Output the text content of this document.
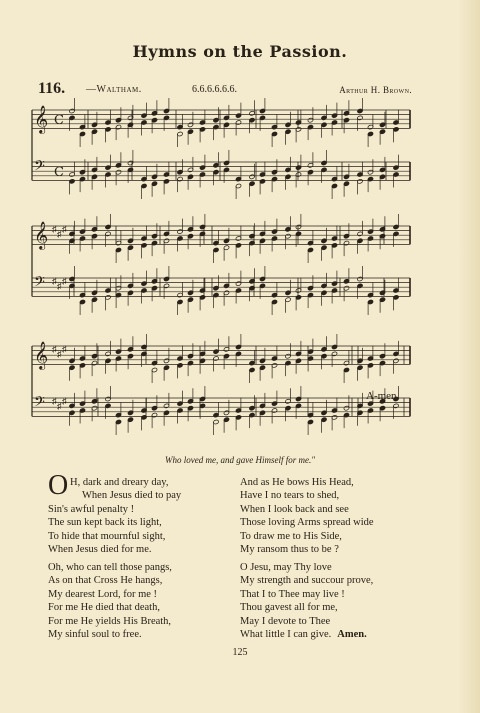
Hymns on the Passion.
116. —Waltham.	6.6.6.6.6.6.	Arthur H. Brown.
𝄞 C
𝄢 C
𝄞 ♯ ♯ ♯
𝄢 ♯ ♯ ♯
𝄞 ♯ ♯ ♯
𝄢 ♯ ♯ ♯	A-men.
Who loved me, and gave Himself for me."
O H, dark and dreary day,
When Jesus died to pay
Sin's awful penalty !
The sun kept back its light,
To hide that mournful sight,
When Jesus died for me.
Oh, who can tell those pangs,
As on that Cross He hangs,
My dearest Lord, for me !
For me He died that death,
For me He yields His Breath,
My sinful soul to free.
And as He bows His Head,
Have I no tears to shed,
When I look back and see
Those loving Arms spread wide
To draw me to His Side,
My ransom thus to be ?
O Jesu, may Thy love
My strength and succour prove,
That I to Thee may live !
Thou gavest all for me,
May I devote to Thee
What little I can give. Amen.
125
